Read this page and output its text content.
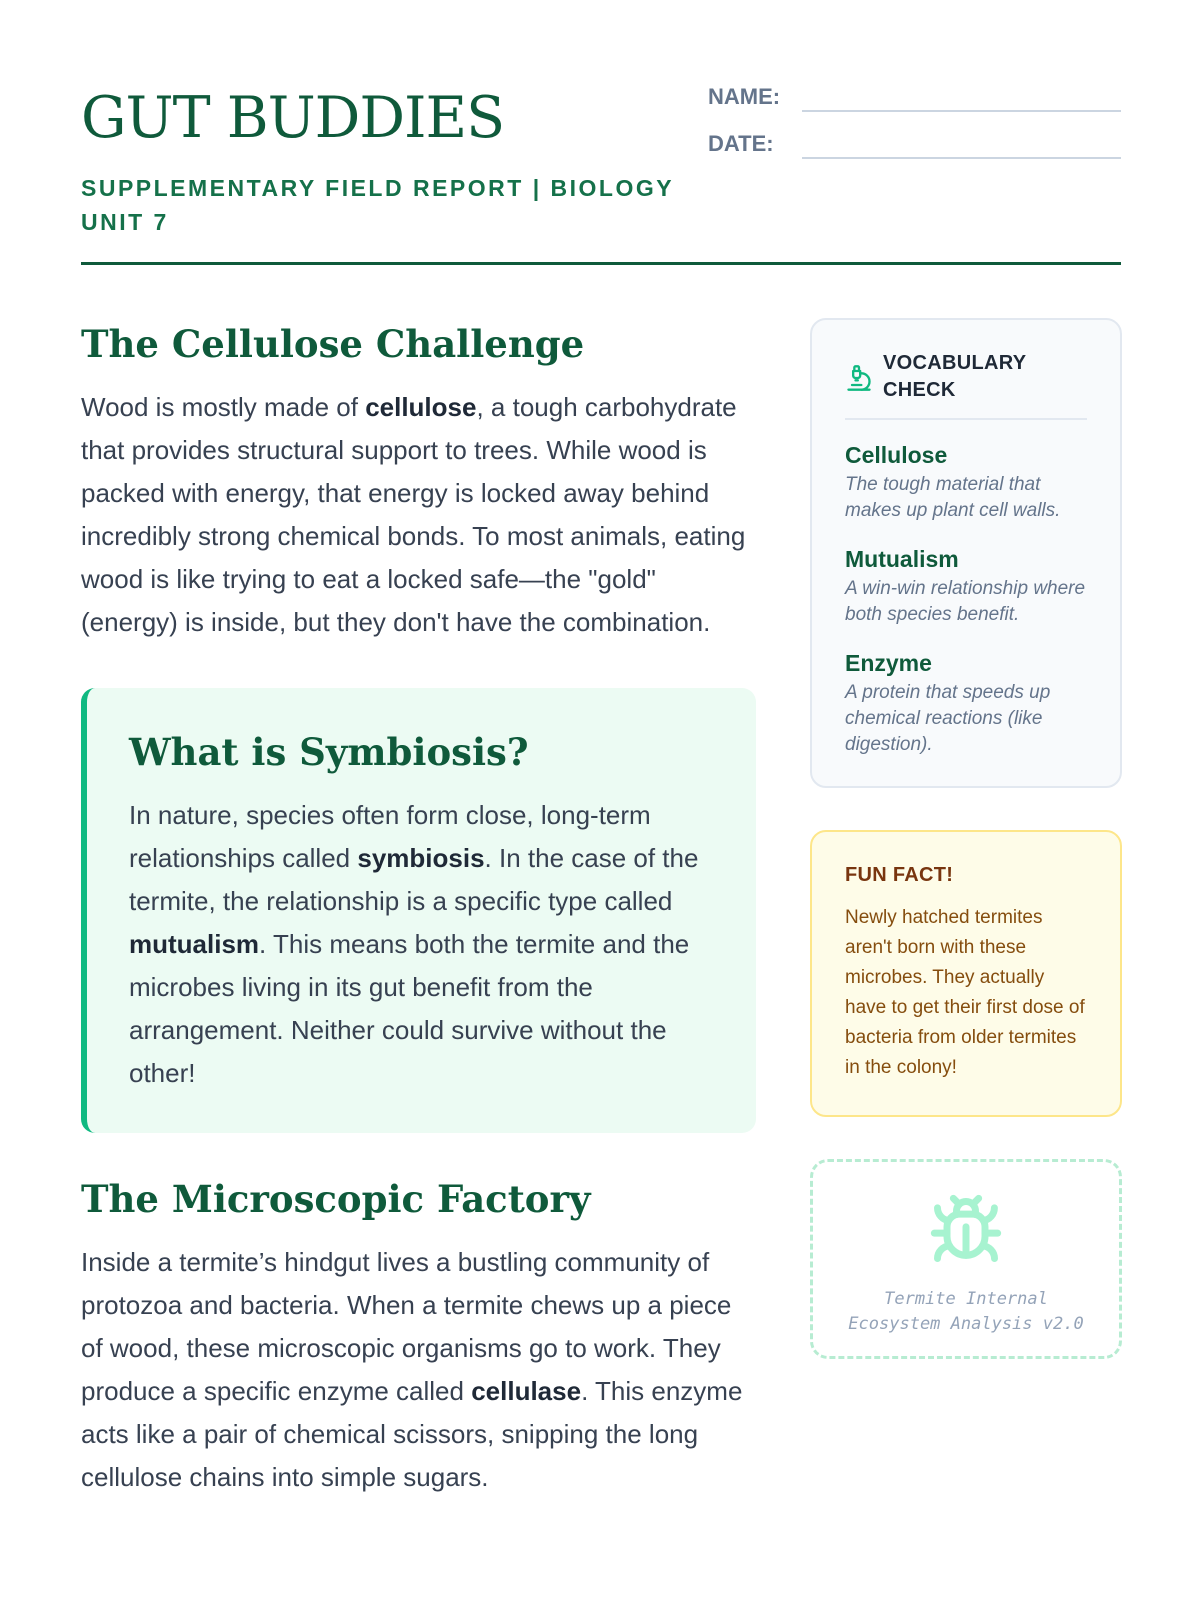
GUT BUDDIES
SUPPLEMENTARY FIELD REPORT | BIOLOGY UNIT 7
NAME:
DATE:
The Cellulose Challenge

Wood is mostly made of cellulose, a tough carbohydrate that provides structural support to trees. While wood is packed with energy, that energy is locked away behind incredibly strong chemical bonds. To most animals, eating wood is like trying to eat a locked safe—the "gold" (energy) is inside, but they don't have the combination.

What is Symbiosis?

In nature, species often form close, long-term relationships called symbiosis. In the case of the termite, the relationship is a specific type called mutualism. This means both the termite and the microbes living in its gut benefit from the arrangement. Neither could survive without the other!

The Microscopic Factory

Inside a termite’s hindgut lives a bustling community of protozoa and bacteria. When a termite chews up a piece of wood, these microscopic organisms go to work. They produce a specific enzyme called cellulase. This enzyme acts like a pair of chemical scissors, snipping the long cellulose chains into simple sugars.

VOCABULARY CHECK
Cellulose
The tough material that makes up plant cell walls.
Mutualism
A win-win relationship where both species benefit.
Enzyme
A protein that speeds up chemical reactions (like digestion).
FUN FACT!
Newly hatched termites aren't born with these microbes. They actually have to get their first dose of bacteria from older termites in the colony!
Termite Internal
Ecosystem Analysis v2.0
